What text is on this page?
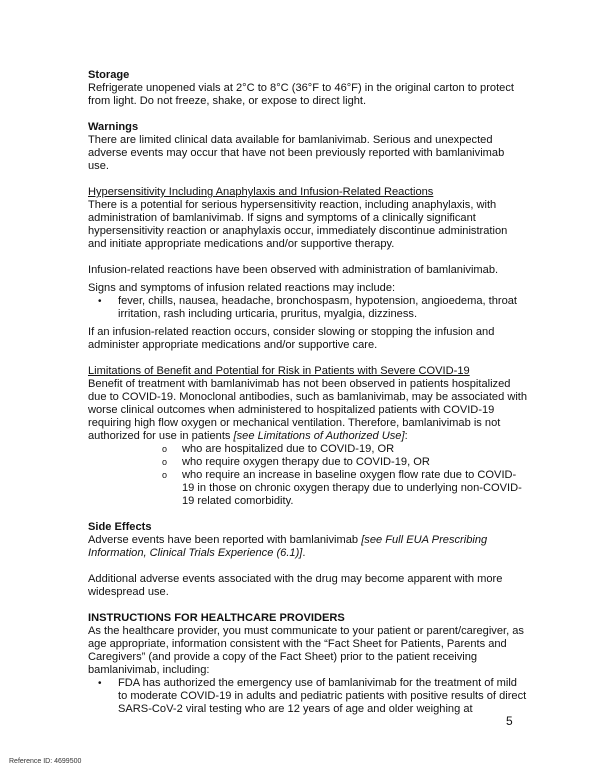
Storage

Refrigerate unopened vials at 2°C to 8°C (36°F to 46°F) in the original carton to protect from light. Do not freeze, shake, or expose to direct light.

Warnings

There are limited clinical data available for bamlanivimab. Serious and unexpected adverse events may occur that have not been previously reported with bamlanivimab use.

Hypersensitivity Including Anaphylaxis and Infusion-Related Reactions

There is a potential for serious hypersensitivity reaction, including anaphylaxis, with administration of bamlanivimab. If signs and symptoms of a clinically significant hypersensitivity reaction or anaphylaxis occur, immediately discontinue administration and initiate appropriate medications and/or supportive therapy.

Infusion-related reactions have been observed with administration of bamlanivimab.

Signs and symptoms of infusion related reactions may include:

• fever, chills, nausea, headache, bronchospasm, hypotension, angioedema, throat irritation, rash including urticaria, pruritus, myalgia, dizziness.

If an infusion-related reaction occurs, consider slowing or stopping the infusion and administer appropriate medications and/or supportive care.

Limitations of Benefit and Potential for Risk in Patients with Severe COVID-19

Benefit of treatment with bamlanivimab has not been observed in patients hospitalized due to COVID-19. Monoclonal antibodies, such as bamlanivimab, may be associated with worse clinical outcomes when administered to hospitalized patients with COVID-19 requiring high flow oxygen or mechanical ventilation. Therefore, bamlanivimab is not authorized for use in patients [see Limitations of Authorized Use]:

o who are hospitalized due to COVID-19, OR
o who require oxygen therapy due to COVID-19, OR
o who require an increase in baseline oxygen flow rate due to COVID-19 in those on chronic oxygen therapy due to underlying non-COVID-19 related comorbidity.

Side Effects

Adverse events have been reported with bamlanivimab [see Full EUA Prescribing Information, Clinical Trials Experience (6.1)].

Additional adverse events associated with the drug may become apparent with more widespread use.

INSTRUCTIONS FOR HEALTHCARE PROVIDERS

As the healthcare provider, you must communicate to your patient or parent/caregiver, as age appropriate, information consistent with the “Fact Sheet for Patients, Parents and Caregivers” (and provide a copy of the Fact Sheet) prior to the patient receiving bamlanivimab, including:

• FDA has authorized the emergency use of bamlanivimab for the treatment of mild to moderate COVID-19 in adults and pediatric patients with positive results of direct SARS-CoV-2 viral testing who are 12 years of age and older weighing at
5
Reference ID: 4699500
